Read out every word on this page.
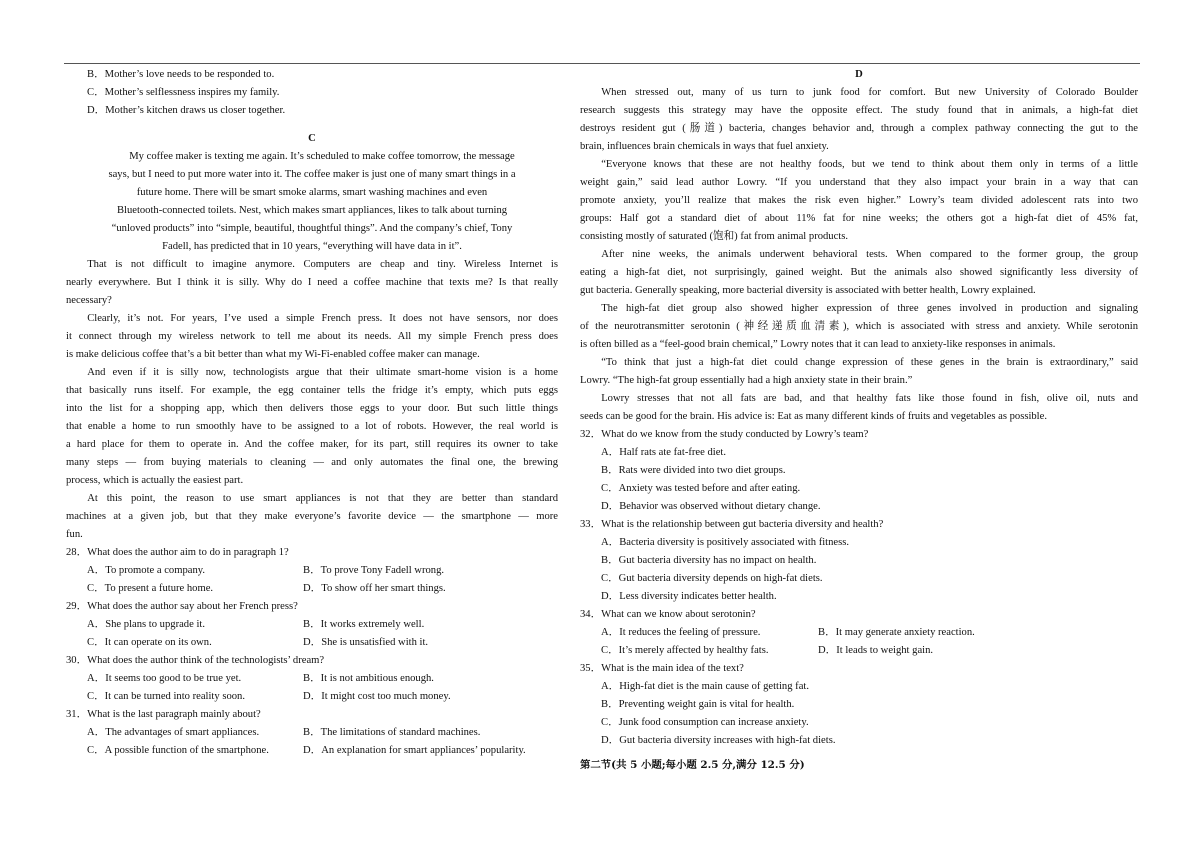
B．Mother’s love needs to be responded to.
C．Mother’s selflessness inspires my family.
D．Mother’s kitchen draws us closer together.
C
My coffee maker is texting me again. It’s scheduled to make coffee tomorrow, the message
says, but I need to put more water into it. The coffee maker is just one of many smart things in a
future home. There will be smart smoke alarms, smart washing machines and even
Bluetooth-connected toilets. Nest, which makes smart appliances, likes to talk about turning
“unloved products” into “simple, beautiful, thoughtful things”. And the company’s chief, Tony
Fadell, has predicted that in 10 years, “everything will have data in it”.
That is not difficult to imagine anymore. Computers are cheap and tiny. Wireless Internet is
nearly everywhere. But I think it is silly. Why do I need a coffee machine that texts me? Is that really
necessary?
Clearly, it’s not. For years, I’ve used a simple French press. It does not have sensors, nor does
it connect through my wireless network to tell me about its needs. All my simple French press does
is make delicious coffee that’s a bit better than what my Wi-Fi-enabled coffee maker can manage.
And even if it is silly now, technologists argue that their ultimate smart-home vision is a home
that basically runs itself. For example, the egg container tells the fridge it’s empty, which puts eggs
into the list for a shopping app, which then delivers those eggs to your door. But such little things
that enable a home to run smoothly have to be assigned to a lot of robots. However, the real world is
a hard place for them to operate in. And the coffee maker, for its part, still requires its owner to take
many steps — from buying materials to cleaning — and only automates the final one, the brewing
process, which is actually the easiest part.
At this point, the reason to use smart appliances is not that they are better than standard
machines at a given job, but that they make everyone’s favorite device — the smartphone — more
fun.
28．What does the author aim to do in paragraph 1?
A．To promote a company.	B．To prove Tony Fadell wrong.
C．To present a future home.	D．To show off her smart things.
29．What does the author say about her French press?
A．She plans to upgrade it.	B．It works extremely well.
C．It can operate on its own.	D．She is unsatisfied with it.
30．What does the author think of the technologists’ dream?
A．It seems too good to be true yet.	B．It is not ambitious enough.
C．It can be turned into reality soon.	D．It might cost too much money.
31．What is the last paragraph mainly about?
A．The advantages of smart appliances.	B．The limitations of standard machines.
C．A possible function of the smartphone.	D．An explanation for smart appliances’ popularity.
D
When stressed out, many of us turn to junk food for comfort. But new University of Colorado Boulder
research suggests this strategy may have the opposite effect. The study found that in animals, a high-fat diet
destroys resident gut (肠道) bacteria, changes behavior and, through a complex pathway connecting the gut to the
brain, influences brain chemicals in ways that fuel anxiety.
“Everyone knows that these are not healthy foods, but we tend to think about them only in terms of a little
weight gain,” said lead author Lowry. “If you understand that they also impact your brain in a way that can
promote anxiety, you’ll realize that makes the risk even higher.” Lowry’s team divided adolescent rats into two
groups: Half got a standard diet of about 11% fat for nine weeks; the others got a high-fat diet of 45% fat,
consisting mostly of saturated (饱和) fat from animal products.
After nine weeks, the animals underwent behavioral tests. When compared to the former group, the group
eating a high-fat diet, not surprisingly, gained weight. But the animals also showed significantly less diversity of
gut bacteria. Generally speaking, more bacterial diversity is associated with better health, Lowry explained.
The high-fat diet group also showed higher expression of three genes involved in production and signaling
of the neurotransmitter serotonin (神经递质血清素), which is associated with stress and anxiety. While serotonin
is often billed as a “feel-good brain chemical,” Lowry notes that it can lead to anxiety-like responses in animals.
“To think that just a high-fat diet could change expression of these genes in the brain is extraordinary,” said
Lowry. “The high-fat group essentially had a high anxiety state in their brain.”
Lowry stresses that not all fats are bad, and that healthy fats like those found in fish, olive oil, nuts and
seeds can be good for the brain. His advice is: Eat as many different kinds of fruits and vegetables as possible.
32．What do we know from the study conducted by Lowry’s team?
A．Half rats ate fat-free diet.
B．Rats were divided into two diet groups.
C．Anxiety was tested before and after eating.
D．Behavior was observed without dietary change.
33．What is the relationship between gut bacteria diversity and health?
A．Bacteria diversity is positively associated with fitness.
B．Gut bacteria diversity has no impact on health.
C．Gut bacteria diversity depends on high-fat diets.
D．Less diversity indicates better health.
34．What can we know about serotonin?
A．It reduces the feeling of pressure.	B．It may generate anxiety reaction.
C．It’s merely affected by healthy fats.	D．It leads to weight gain.
35．What is the main idea of the text?
A．High-fat diet is the main cause of getting fat.
B．Preventing weight gain is vital for health.
C．Junk food consumption can increase anxiety.
D．Gut bacteria diversity increases with high-fat diets.
第二节(共 5 小题;每小题 2.5 分,满分 12.5 分)
